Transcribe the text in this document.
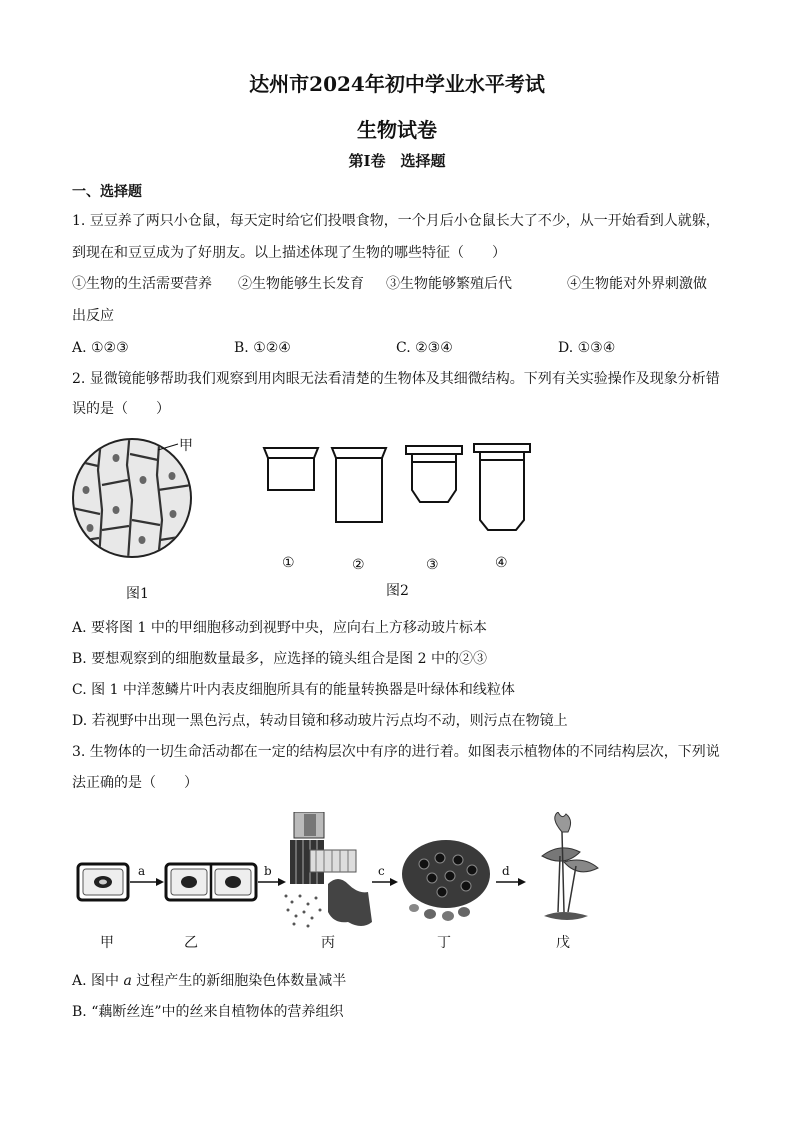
达州市2024年初中学业水平考试
生物试卷
第Ⅰ卷　选择题
一、选择题
1. 豆豆养了两只小仓鼠，每天定时给它们投喂食物，一个月后小仓鼠长大了不少，从一开始看到人就躲，
到现在和豆豆成为了好朋友。以上描述体现了生物的哪些特征（　　）
①生物的生活需要营养 ②生物能够生长发育 ③生物能够繁殖后代	④生物能对外界刺激做
出反应
A. ①②③	B. ①②④	C. ②③④	D. ①③④
2. 显微镜能够帮助我们观察到用肉眼无法看清楚的生物体及其细微结构。下列有关实验操作及现象分析错
误的是（　　）
甲
图1
①	②	③	④
图2
A. 要将图 1 中的甲细胞移动到视野中央，应向右上方移动玻片标本
B. 要想观察到的细胞数量最多，应选择的镜头组合是图 2 中的②③
C. 图 1 中洋葱鳞片叶内表皮细胞所具有的能量转换器是叶绿体和线粒体
D. 若视野中出现一黑色污点，转动目镜和移动玻片污点均不动，则污点在物镜上
3. 生物体的一切生命活动都在一定的结构层次中有序的进行着。如图表示植物体的不同结构层次，下列说
法正确的是（　　）
a	b	c	d
甲	乙	丙	丁	戊
A. 图中 a 过程产生的新细胞染色体数量减半
B. “藕断丝连”中的丝来自植物体的营养组织
